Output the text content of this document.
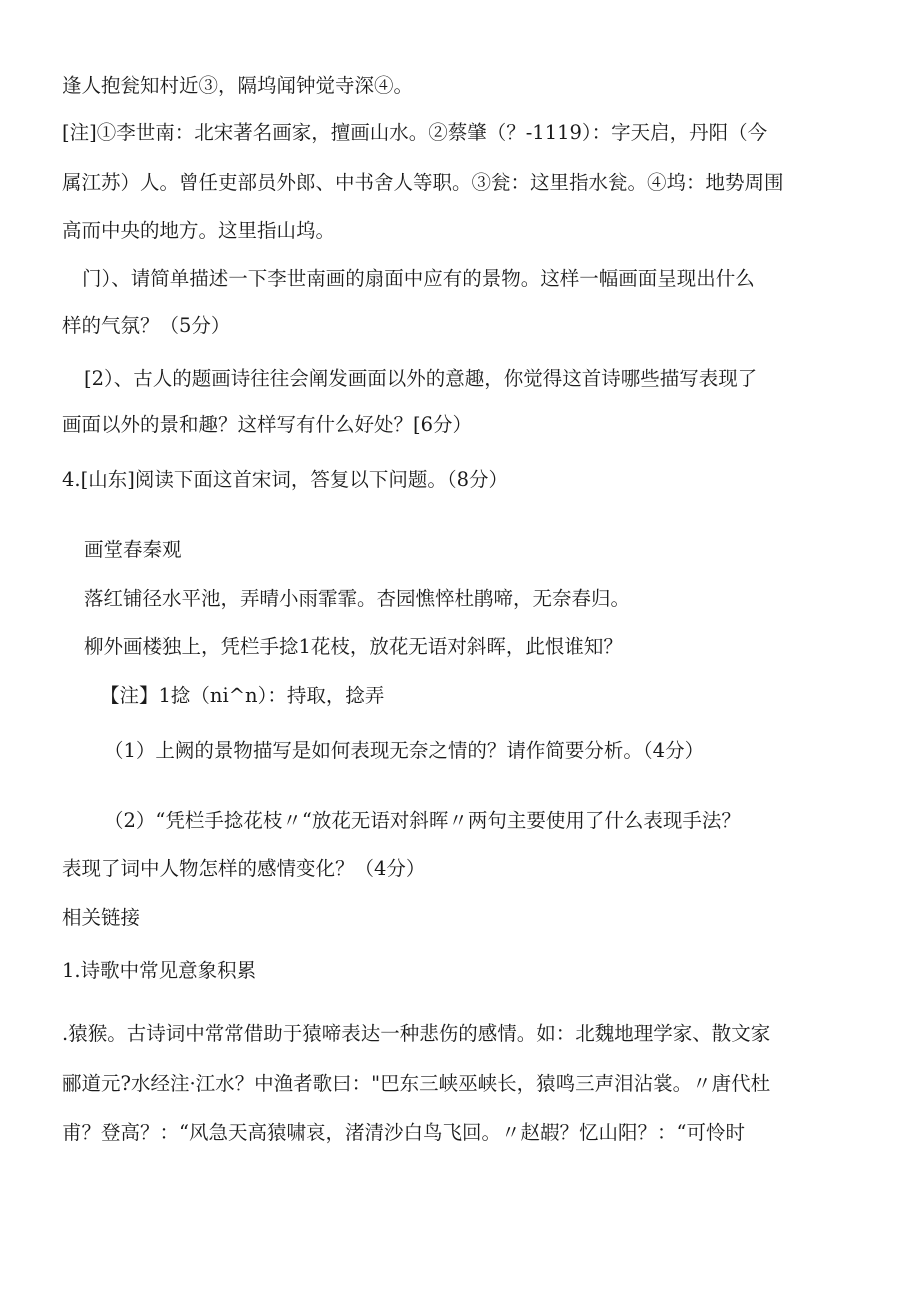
逢人抱瓮知村近③，隔坞闻钟觉寺深④。
[注]①李世南：北宋著名画家，擅画山水。②蔡肇（？-1119）：字天启，丹阳（今
属江苏）人。曾任吏部员外郎、中书舍人等职。③瓮：这里指水瓮。④坞：地势周围
高而中央的地方。这里指山坞。
门）、请简单描述一下李世南画的扇面中应有的景物。这样一幅画面呈现出什么
样的气氛？（5分）
[2）、古人的题画诗往往会阐发画面以外的意趣，你觉得这首诗哪些描写表现了
画面以外的景和趣？这样写有什么好处？[6分）
4.[山东]阅读下面这首宋词，答复以下问题。（8分）
画堂春秦观
落红铺径水平池，弄晴小雨霏霏。杏园憔悴杜鹃啼，无奈春归。
柳外画楼独上，凭栏手捻1花枝，放花无语对斜晖，此恨谁知？
【注】1捻（ni^n）：持取，捻弄
（1）上阙的景物描写是如何表现无奈之情的？请作简要分析。（4分）
（2）“凭栏手捻花枝〃“放花无语对斜晖〃两句主要使用了什么表现手法？
表现了词中人物怎样的感情变化？（4分）
相关链接
1.诗歌中常见意象积累
.猿猴。古诗词中常常借助于猿啼表达一种悲伤的感情。如：北魏地理学家、散文家
郦道元?水经注·江水？中渔者歌曰："巴东三峡巫峡长，猿鸣三声泪沾裳。〃唐代杜
甫？登高？：“风急天高猿啸哀，渚清沙白鸟飞回。〃赵嘏？忆山阳？：“可怜时
